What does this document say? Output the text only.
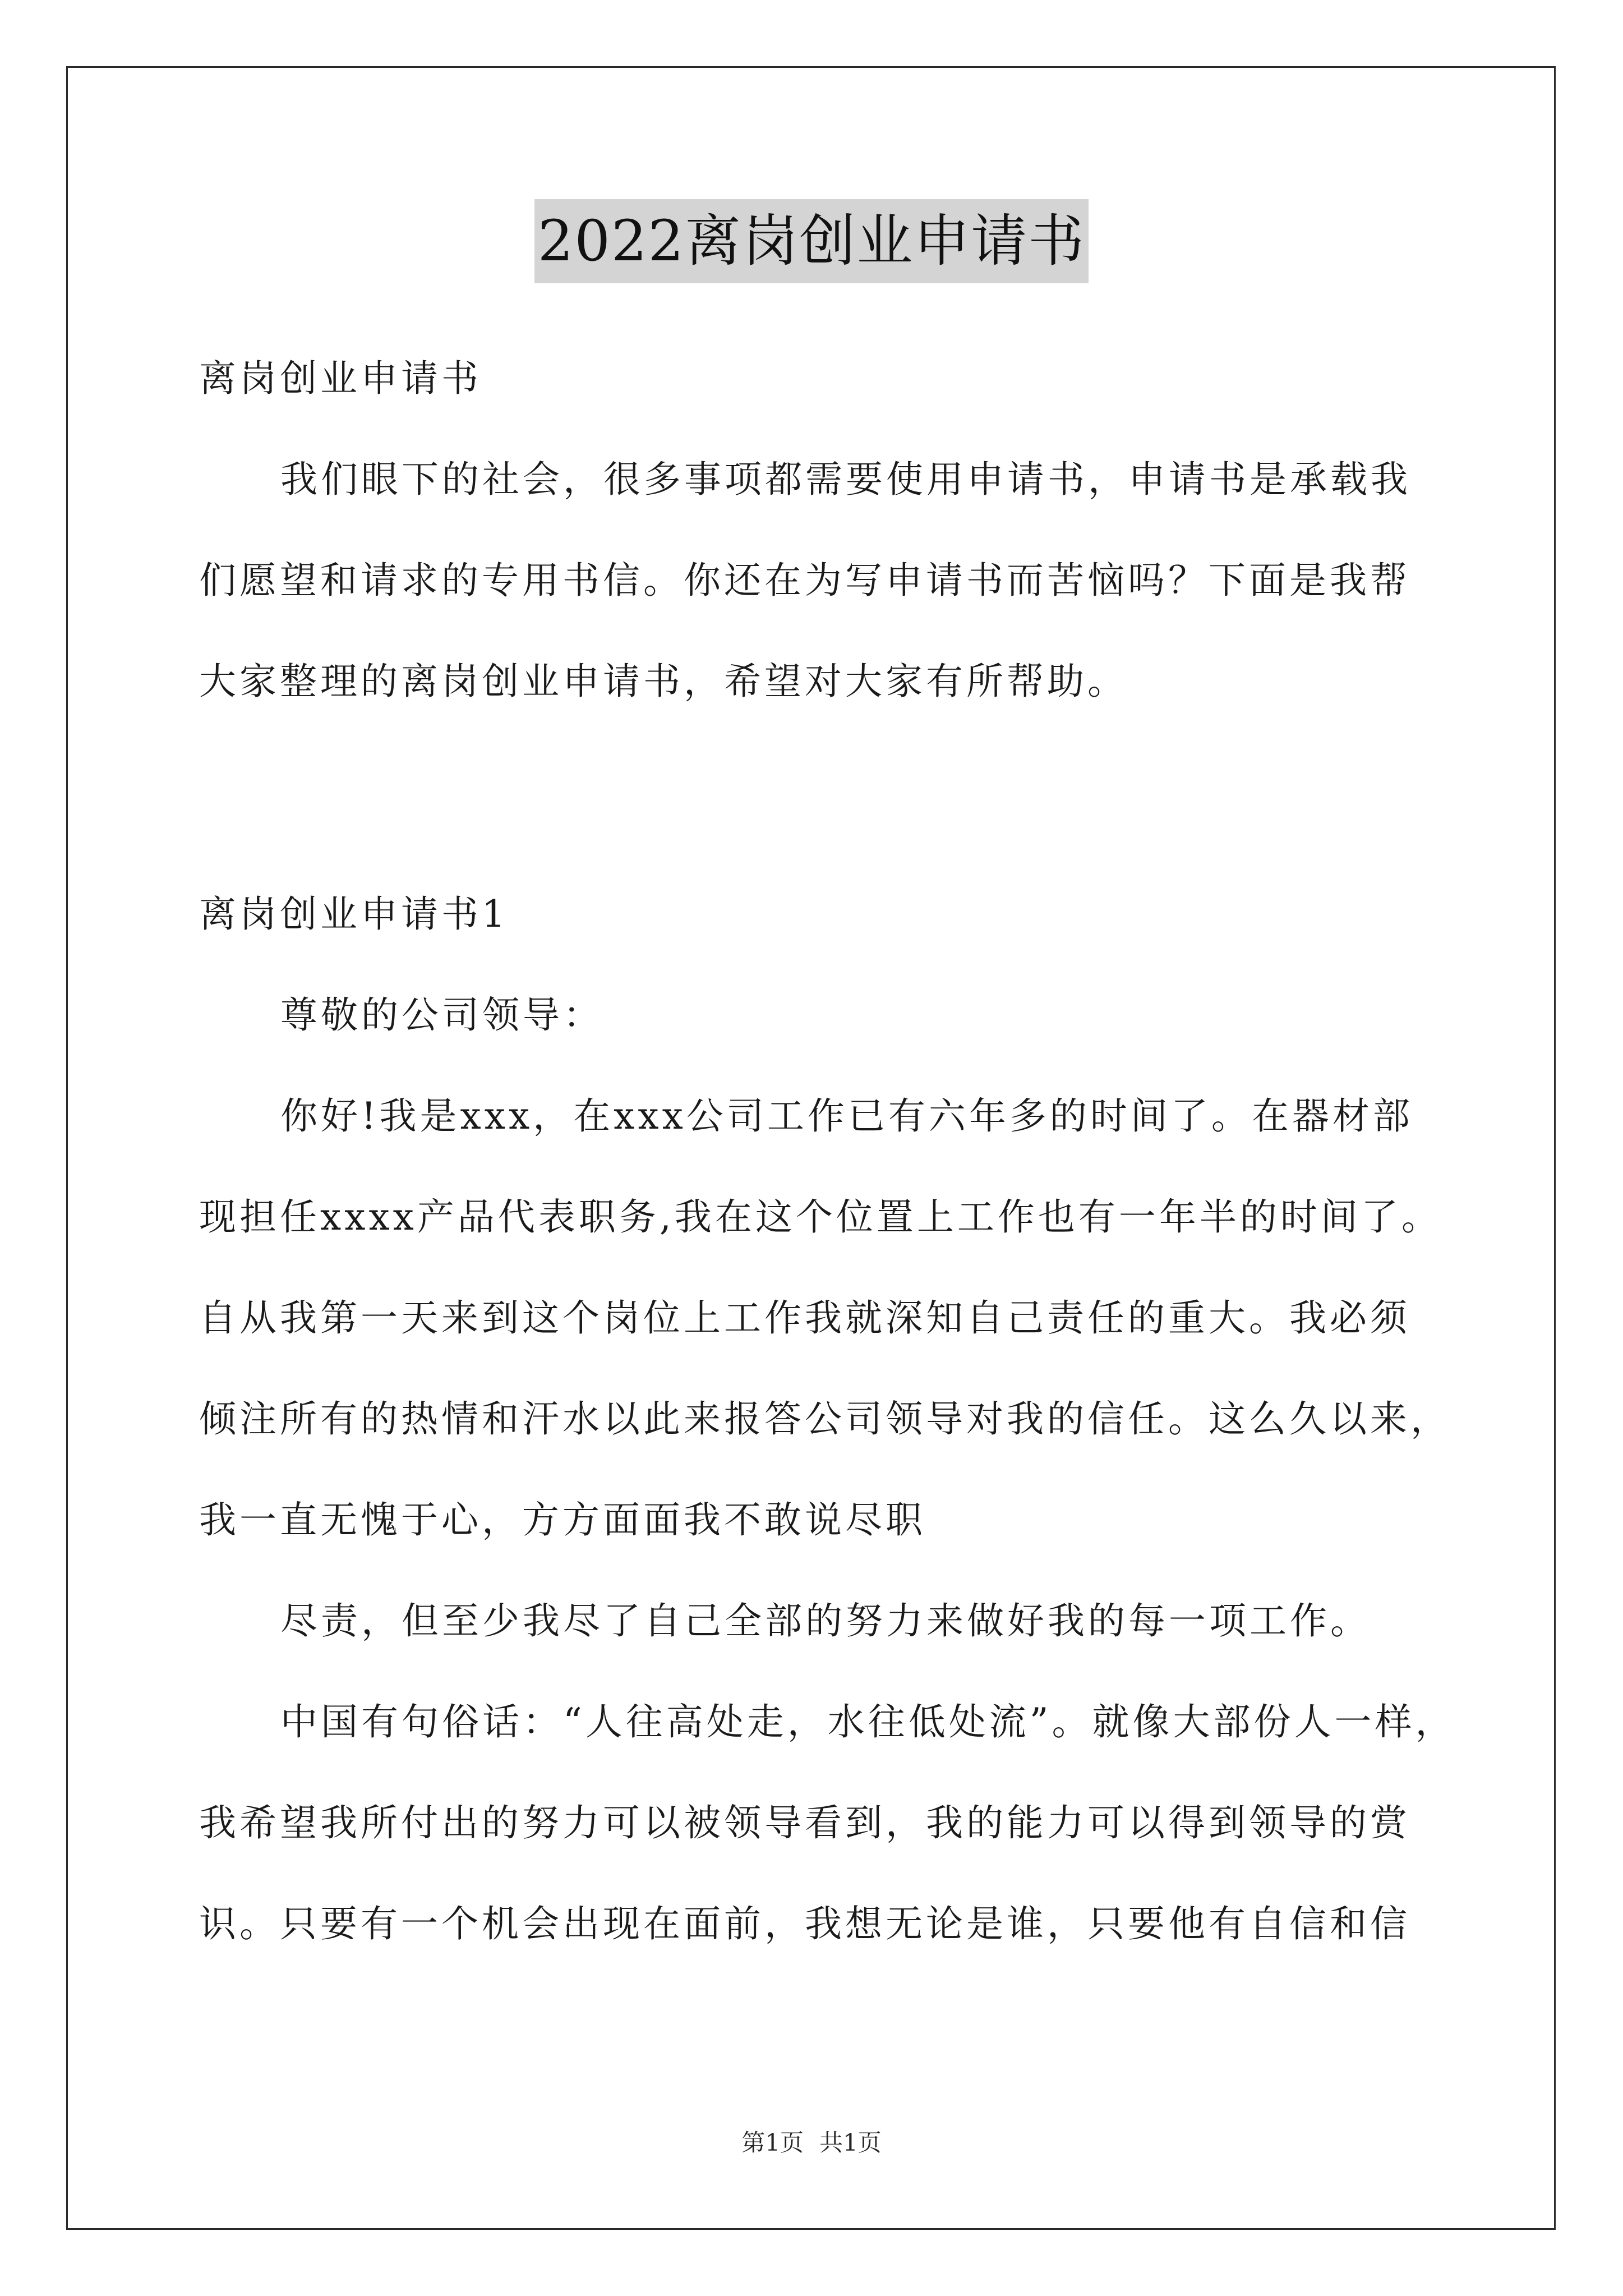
2022离岗创业申请书
离岗创业申请书
我们眼下的社会，很多事项都需要使用申请书，申请书是承载我
们愿望和请求的专用书信。你还在为写申请书而苦恼吗？下面是我帮
大家整理的离岗创业申请书，希望对大家有所帮助。
离岗创业申请书1
尊敬的公司领导：
你好!我是xxx，在xxx公司工作已有六年多的时间了。在器材部
现担任xxxx产品代表职务,我在这个位置上工作也有一年半的时间了。
自从我第一天来到这个岗位上工作我就深知自己责任的重大。我必须
倾注所有的热情和汗水以此来报答公司领导对我的信任。这么久以来，
我一直无愧于心，方方面面我不敢说尽职
尽责，但至少我尽了自己全部的努力来做好我的每一项工作。
中国有句俗话：“人往高处走，水往低处流”。就像大部份人一样，
我希望我所付出的努力可以被领导看到，我的能力可以得到领导的赏
识。只要有一个机会出现在面前，我想无论是谁，只要他有自信和信
第1页 共1页
